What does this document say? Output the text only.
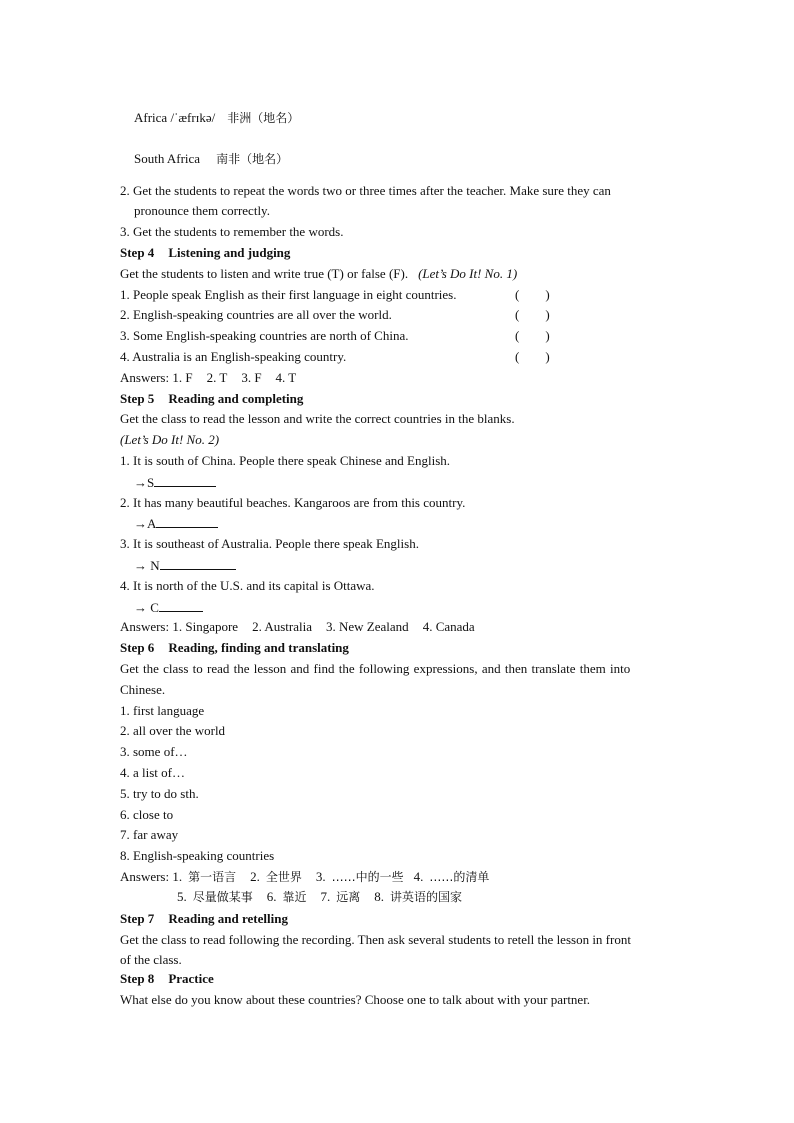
Africa /ˈæfrɪkə/ 非洲（地名）
South Africa 南非（地名）
2. Get the students to repeat the words two or three times after the teacher. Make sure they can
pronounce them correctly.
3. Get the students to remember the words.
Step 4 Listening and judging
Get the students to listen and write true (T) or false (F). (Let’s Do It! No. 1)
1. People speak English as their first language in eight countries.	(        )
2. English-speaking countries are all over the world.	(        )
3. Some English-speaking countries are north of China.	(        )
4. Australia is an English-speaking country.	(        )
Answers: 1. F 2. T 3. F 4. T
Step 5 Reading and completing
Get the class to read the lesson and write the correct countries in the blanks.
(Let’s Do It! No. 2)
1. It is south of China. People there speak Chinese and English.
→S
2. It has many beautiful beaches. Kangaroos are from this country.
→A
3. It is southeast of Australia. People there speak English.
→ N
4. It is north of the U.S. and its capital is Ottawa.
→ C
Answers: 1. Singapore 2. Australia 3. New Zealand 4. Canada
Step 6 Reading, finding and translating
Get the class to read the lesson and find the following expressions, and then translate them into
Chinese.
1. first language
2. all over the world
3. some of…
4. a list of…
5. try to do sth.
6. close to
7. far away
8. English-speaking countries
Answers: 1. 第一语言 2. 全世界 3. ……中的一些 4. ……的清单
5. 尽量做某事 6. 靠近 7. 远离 8. 讲英语的国家
Step 7 Reading and retelling
Get the class to read following the recording. Then ask several students to retell the lesson in front
of the class.
Step 8 Practice
What else do you know about these countries? Choose one to talk about with your partner.
